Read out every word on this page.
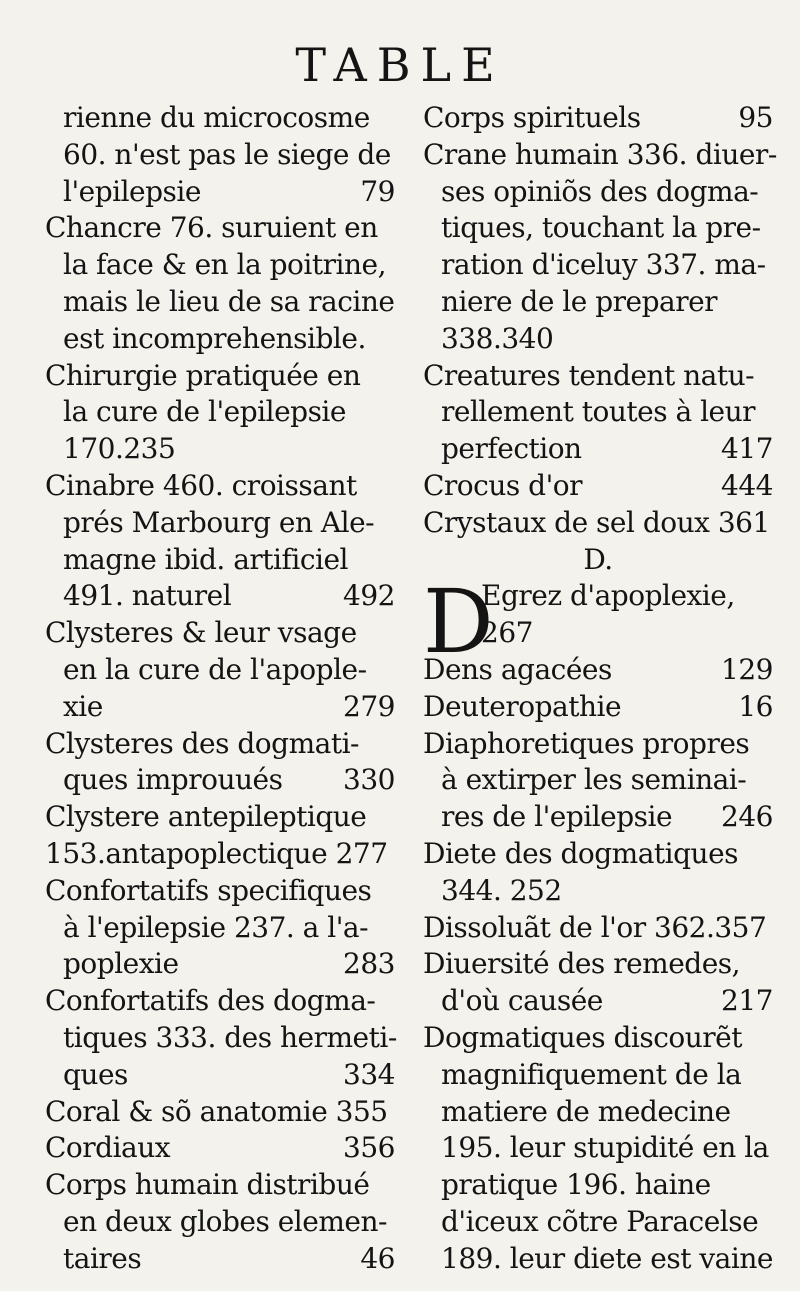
TABLE
D
rienne du microcosme
60. n'est pas le siege de
l'epilepsie	79
Chancre 76. suruient en
la face & en la poitrine,
mais le lieu de sa racine
est incomprehensible.
Chirurgie pratiquée en
la cure de l'epilepsie
170.235
Cinabre 460. croissant
prés Marbourg en Ale-
magne ibid. artificiel
491. naturel	492
Clysteres & leur vsage
en la cure de l'apople-
xie	279
Clysteres des dogmati-
ques improuués 330
Clystere antepileptique
153.antapoplectique 277
Confortatifs specifiques
à l'epilepsie 237. a l'a-
poplexie	283
Confortatifs des dogma-
tiques 333. des hermeti-
ques	334
Coral & sõ anatomie 355
Cordiaux	356
Corps humain distribué
en deux globes elemen-
taires	46
Corps spirituels	95
Crane humain 336. diuer-
ses opiniõs des dogma-
tiques, touchant la pre-
ration d'iceluy 337. ma-
niere de le preparer
338.340
Creatures tendent natu-
rellement toutes à leur
perfection	417
Crocus d'or	444
Crystaux de sel doux 361
D.
Egrez d'apoplexie,
267
Dens agacées	129
Deuteropathie	16
Diaphoretiques propres
à extirper les seminai-
res de l'epilepsie 246
Diete des dogmatiques
344. 252
Dissoluãt de l'or 362.357
Diuersité des remedes,
d'où causée	217
Dogmatiques discourẽt
magnifiquement de la
matiere de medecine
195. leur stupidité en la
pratique 196. haine
d'iceux cõtre Paracelse
189. leur diete est vaine
